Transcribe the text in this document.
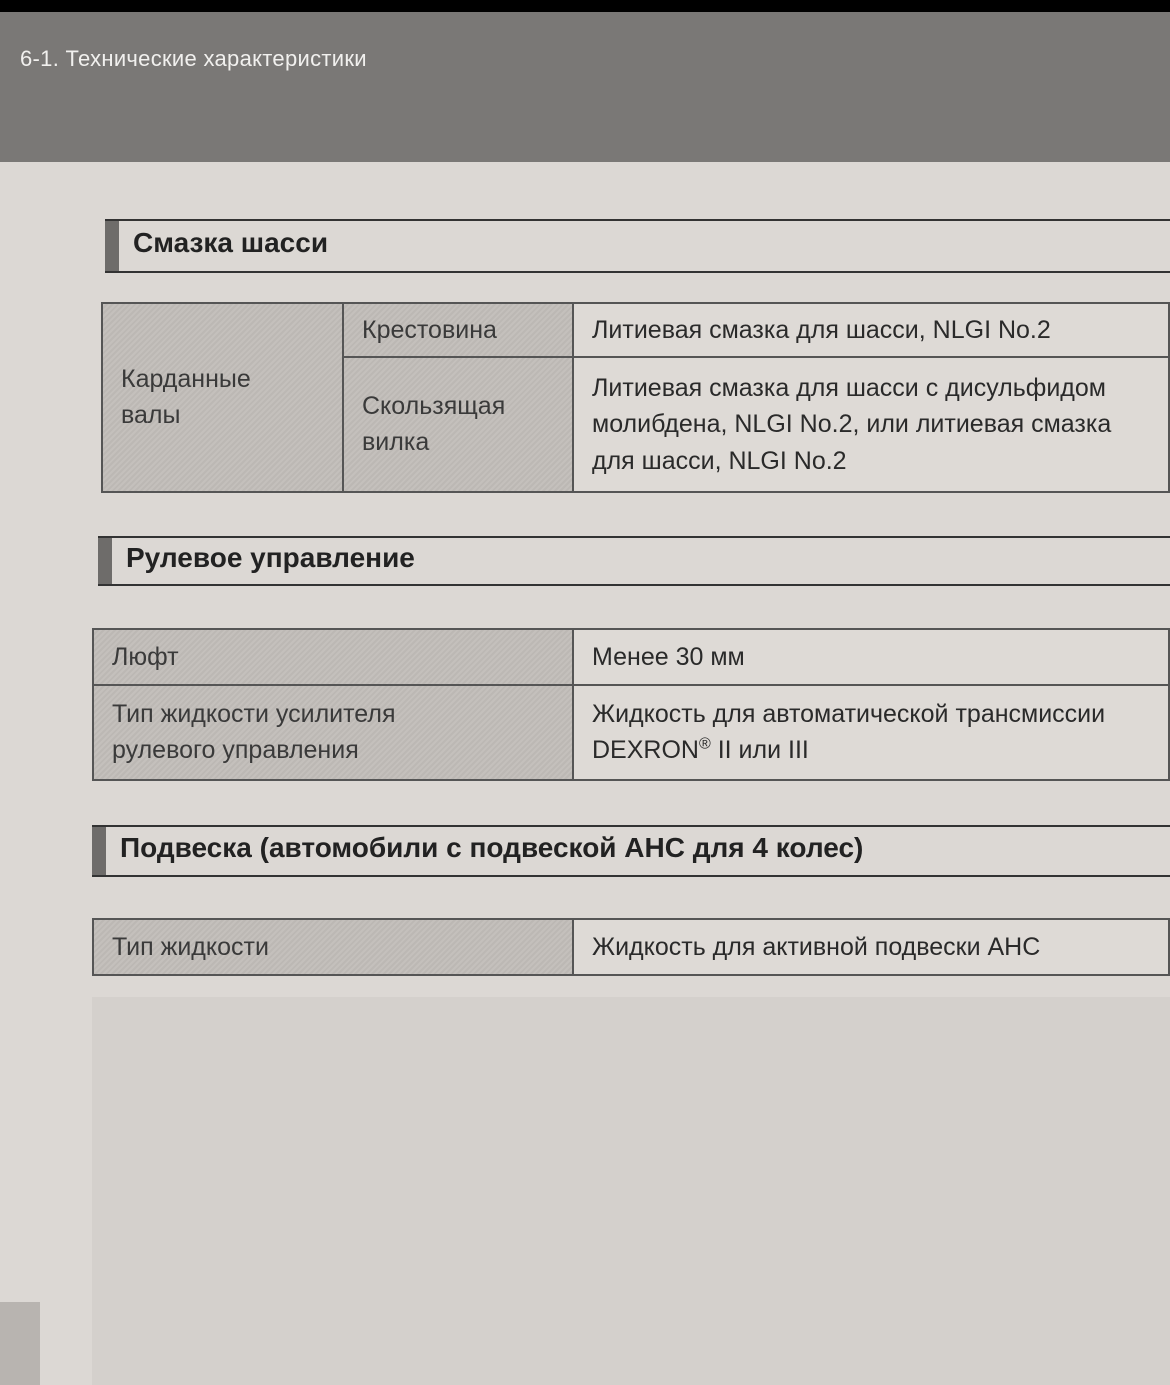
6-1. Технические характеристики
Смазка шасси
Карданные валы	Крестовина	Литиевая смазка для шасси, NLGI No.2
	Скользящая вилка	Литиевая смазка для шасси с дисульфидом молибдена, NLGI No.2, или литиевая смазка для шасси, NLGI No.2
Рулевое управление
Люфт	Менее 30 мм
Тип жидкости усилителя рулевого управления	Жидкость для автоматической трансмиссии DEXRON® II или III
Подвеска (автомобили с подвеской AHC для 4 колес)
Тип жидкости	Жидкость для активной подвески AHC
